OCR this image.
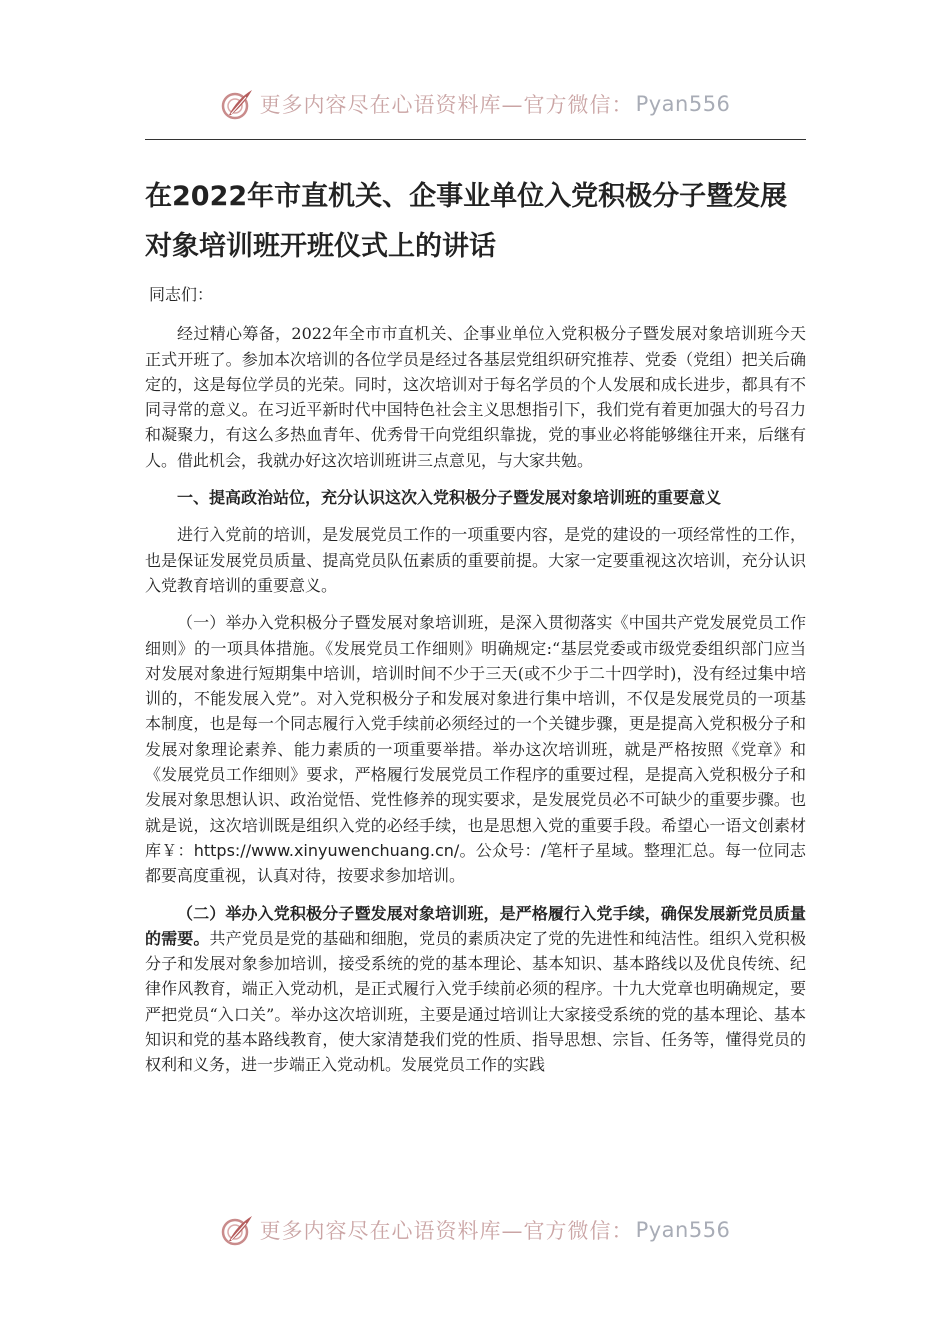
更多内容尽在心语资料库—官方微信： Pyan556
在2022年市直机关、企事业单位入党积极分子暨发展对象培训班开班仪式上的讲话

同志们：

经过精心筹备，2022年全市市直机关、企事业单位入党积极分子暨发展对象培训班今天正式开班了。参加本次培训的各位学员是经过各基层党组织研究推荐、党委（党组）把关后确定的，这是每位学员的光荣。同时，这次培训对于每名学员的个人发展和成长进步，都具有不同寻常的意义。在习近平新时代中国特色社会主义思想指引下，我们党有着更加强大的号召力和凝聚力，有这么多热血青年、优秀骨干向党组织靠拢，党的事业必将能够继往开来，后继有人。借此机会，我就办好这次培训班讲三点意见，与大家共勉。

一、提高政治站位，充分认识这次入党积极分子暨发展对象培训班的重要意义

进行入党前的培训，是发展党员工作的一项重要内容，是党的建设的一项经常性的工作，也是保证发展党员质量、提高党员队伍素质的重要前提。大家一定要重视这次培训，充分认识入党教育培训的重要意义。

（一）举办入党积极分子暨发展对象培训班，是深入贯彻落实《中国共产党发展党员工作细则》的一项具体措施。《发展党员工作细则》明确规定:“基层党委或市级党委组织部门应当对发展对象进行短期集中培训，培训时间不少于三天(或不少于二十四学时)，没有经过集中培训的，不能发展入党”。对入党积极分子和发展对象进行集中培训，不仅是发展党员的一项基本制度，也是每一个同志履行入党手续前必须经过的一个关键步骤，更是提高入党积极分子和发展对象理论素养、能力素质的一项重要举措。举办这次培训班，就是严格按照《党章》和《发展党员工作细则》要求，严格履行发展党员工作程序的重要过程，是提高入党积极分子和发展对象思想认识、政治觉悟、党性修养的现实要求，是发展党员必不可缺少的重要步骤。也就是说，这次培训既是组织入党的必经手续，也是思想入党的重要手段。希望心一语文创素材库￥：https://www.xinyuwenchuang.cn/。公众号：/笔杆子星域。整理汇总。每一位同志都要高度重视，认真对待，按要求参加培训。

（二）举办入党积极分子暨发展对象培训班，是严格履行入党手续，确保发展新党员质量的需要。共产党员是党的基础和细胞，党员的素质决定了党的先进性和纯洁性。组织入党积极分子和发展对象参加培训，接受系统的党的基本理论、基本知识、基本路线以及优良传统、纪律作风教育，端正入党动机，是正式履行入党手续前必须的程序。十九大党章也明确规定，要严把党员“入口关”。举办这次培训班，主要是通过培训让大家接受系统的党的基本理论、基本知识和党的基本路线教育，使大家清楚我们党的性质、指导思想、宗旨、任务等，懂得党员的权利和义务，进一步端正入党动机。发展党员工作的实践

更多内容尽在心语资料库—官方微信： Pyan556
